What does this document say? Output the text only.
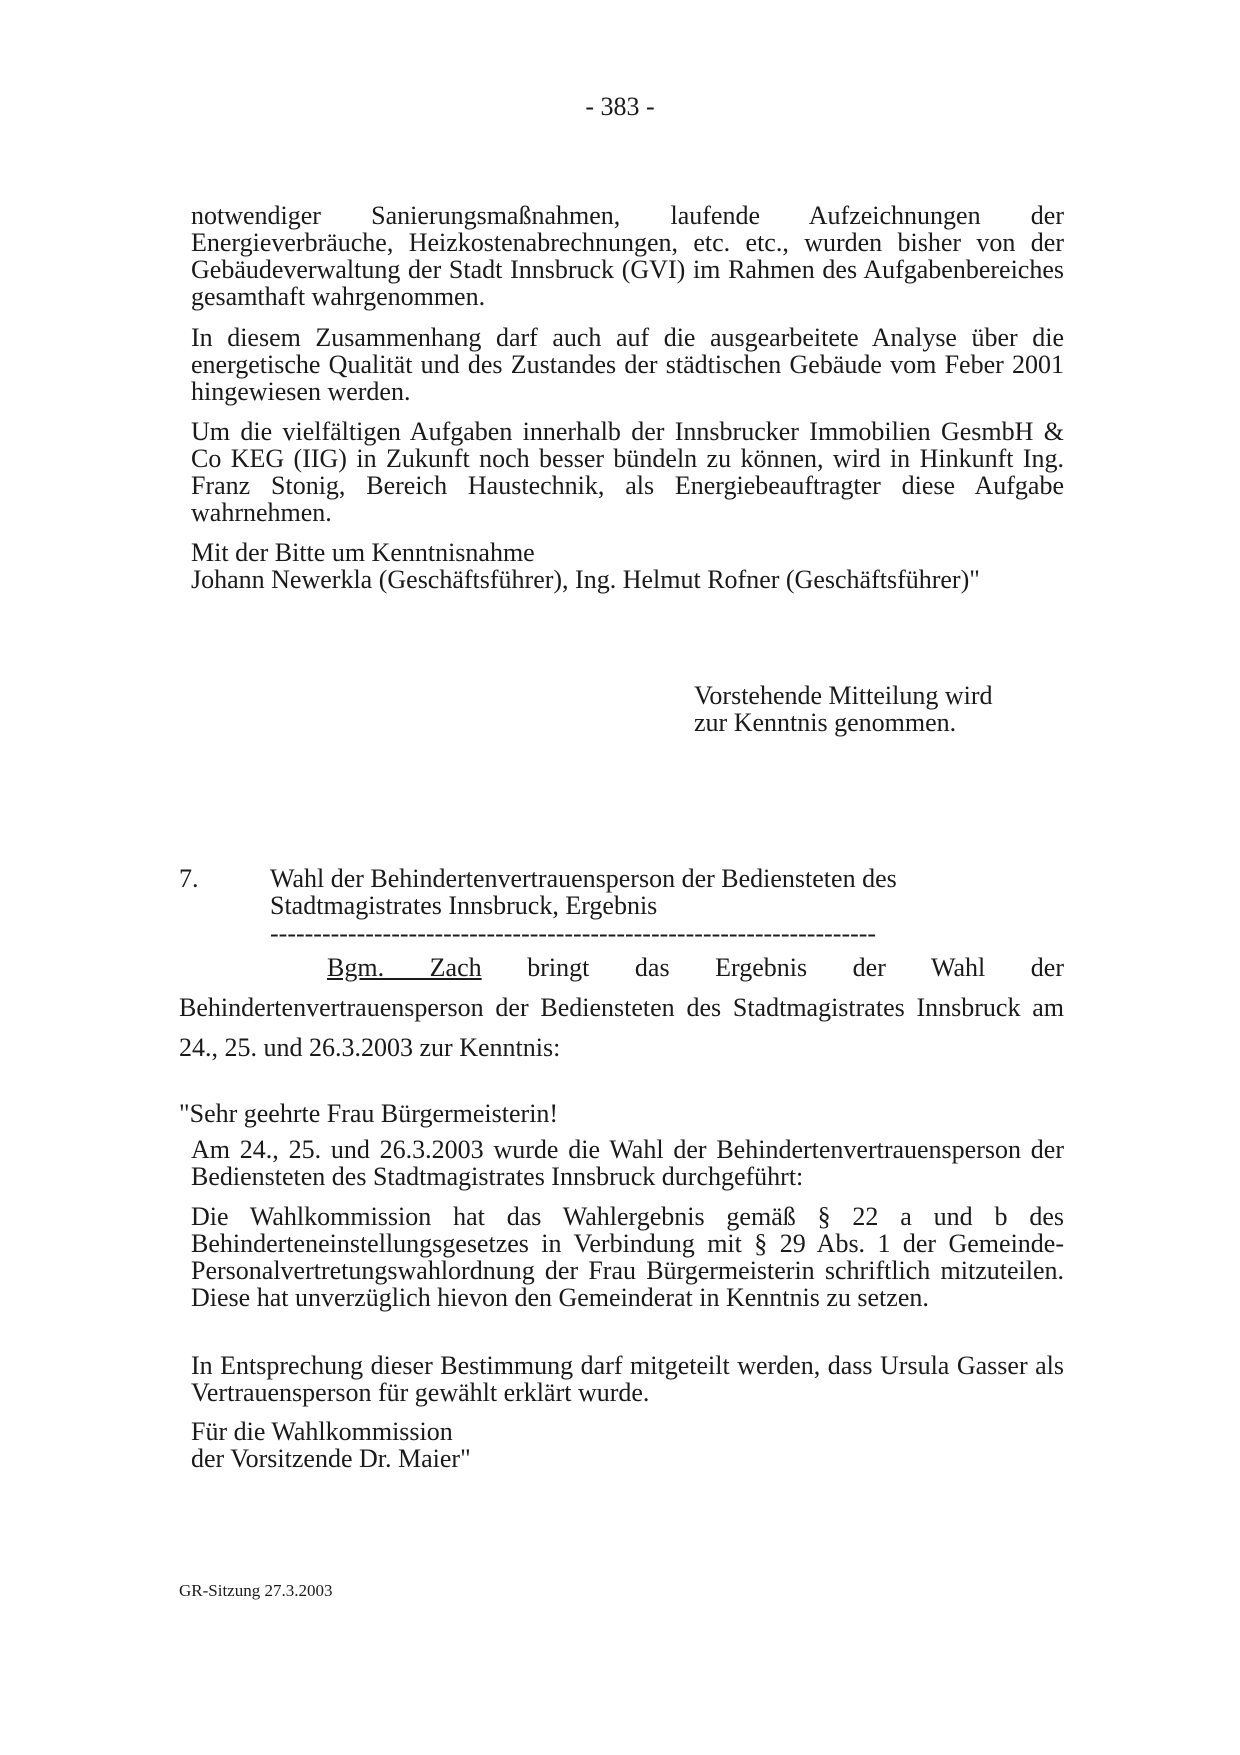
- 383 -

notwendiger Sanierungsmaßnahmen, laufende Aufzeichnungen der Energieverbräuche, Heizkostenabrechnungen, etc. etc., wurden bisher von der Gebäudeverwaltung der Stadt Innsbruck (GVI) im Rahmen des Aufgabenbereiches gesamthaft wahrgenommen.

In diesem Zusammenhang darf auch auf die ausgearbeitete Analyse über die energetische Qualität und des Zustandes der städtischen Gebäude vom Feber 2001 hingewiesen werden.

Um die vielfältigen Aufgaben innerhalb der Innsbrucker Immobilien GesmbH & Co KEG (IIG) in Zukunft noch besser bündeln zu können, wird in Hinkunft Ing. Franz Stonig, Bereich Haustechnik, als Energiebeauftragter diese Aufgabe wahrnehmen.

Mit der Bitte um Kenntnisnahme

Johann Newerkla (Geschäftsführer), Ing. Helmut Rofner (Geschäftsführer)"

Vorstehende Mitteilung wird
zur Kenntnis genommen.
7.	Wahl der Behindertenvertrauensperson der Bediensteten des Stadtmagistrates Innsbruck, Ergebnis
----------------------------------------------------------------------
Bgm. Zach bringt das Ergebnis der Wahl der Behindertenvertrauensperson der Bediensteten des Stadtmagistrates Innsbruck am 24., 25. und 26.3.2003 zur Kenntnis:
"Sehr geehrte Frau Bürgermeisterin!

Am 24., 25. und 26.3.2003 wurde die Wahl der Behindertenvertrauensperson der Bediensteten des Stadtmagistrates Innsbruck durchgeführt:

Die Wahlkommission hat das Wahlergebnis gemäß § 22 a und b des Behinderteneinstellungsgesetzes in Verbindung mit § 29 Abs. 1 der Gemeinde-Personalvertretungswahlordnung der Frau Bürgermeisterin schriftlich mitzuteilen. Diese hat unverzüglich hievon den Gemeinderat in Kenntnis zu setzen.

In Entsprechung dieser Bestimmung darf mitgeteilt werden, dass Ursula Gasser als Vertrauensperson für gewählt erklärt wurde.

Für die Wahlkommission

der Vorsitzende Dr. Maier"

GR-Sitzung 27.3.2003
